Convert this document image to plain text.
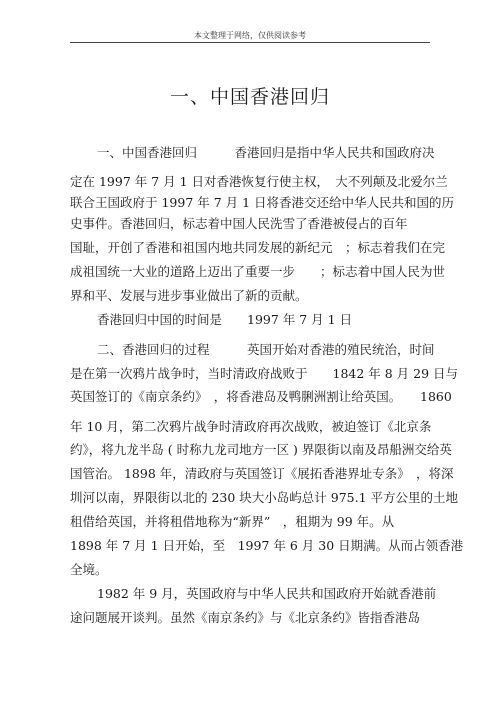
本文整理于网络，仅供阅读参考
一、中国香港回归
一、中国香港回归　　　香港回归是指中华人民共和国政府决
定在 1997 年 7 月 1 日对香港恢复行使主权，　大不列颠及北爱尔兰
联合王国政府于 1997 年 7 月 1 日将香港交还给中华人民共和国的历
史事件。香港回归，标志着中国人民洗雪了香港被侵占的百年
国耻，开创了香港和祖国内地共同发展的新纪元　；标志着我们在完
成祖国统一大业的道路上迈出了重要一步　　；标志着中国人民为世
界和平、发展与进步事业做出了新的贡献。
香港回归中国的时间是　　1997 年 7 月 1 日
二、香港回归的过程　　　英国开始对香港的殖民统治，时间
是在第一次鸦片战争时，当时清政府战败于　　1842 年 8 月 29 日与
英国签订的《南京条约》　，将香港岛及鸭脷洲割让给英国。　　1860
年 10 月，第二次鸦片战争时清政府再次战败，被迫签订《北京条
约》，将九龙半岛 ( 时称九龙司地方一区 ) 界限街以南及昂船洲交给英
国管治。 1898 年，清政府与英国签订《展拓香港界址专条》　，将深
圳河以南，界限街以北的 230 块大小岛屿总计 975.1 平方公里的土地
租借给英国，并将租借地称为“新界”　，租期为 99 年。从
1898 年 7 月 1 日开始，至　1997 年 6 月 30 日期满。从而占领香港
全境。
1982 年 9 月，英国政府与中华人民共和国政府开始就香港前
途问题展开谈判。虽然《南京条约》与《北京条约》皆指香港岛
